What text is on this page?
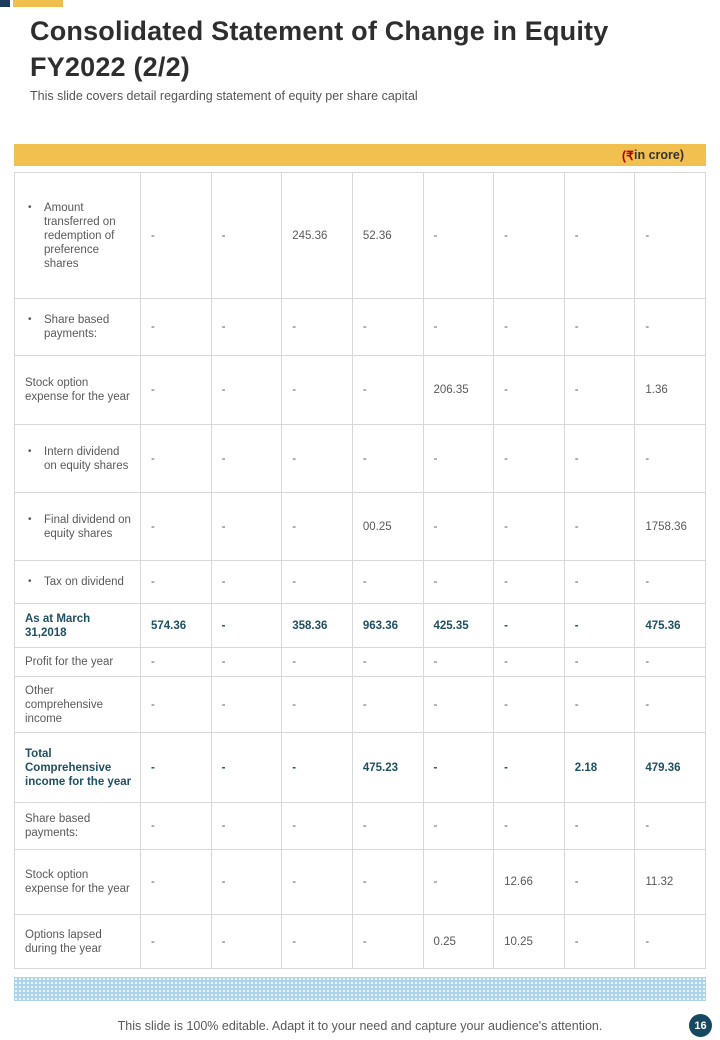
Consolidated Statement of Change in Equity
FY2022 (2/2)
This slide covers detail regarding statement of equity per share capital
(₹ in crore)
• Amount transferred on redemption of preference shares	-	-	245.36	52.36	-	-	-	-

• Share based payments:	-	-	-	-	-	-	-	-

Stock option expense for the year	-	-	-	-	206.35	-	-	1.36

• Intern dividend on equity shares	-	-	-	-	-	-	-	-

• Final dividend on equity shares	-	-	-	00.25	-	-	-	1758.36

• Tax on dividend	-	-	-	-	-	-	-	-

As at March 31,2018	574.36	-	358.36	963.36	425.35	-	-	475.36

Profit for the year	-	-	-	-	-	-	-	-

Other comprehensive income	-	-	-	-	-	-	-	-

Total Comprehensive income for the year	-	-	-	475.23	-	-	2.18	479.36

Share based payments:	-	-	-	-	-	-	-	-

Stock option expense for the year	-	-	-	-	-	12.66	-	11.32

Options lapsed during the year	-	-	-	-	0.25	10.25	-	-
This slide is 100% editable. Adapt it to your need and capture your audience's attention.	16
